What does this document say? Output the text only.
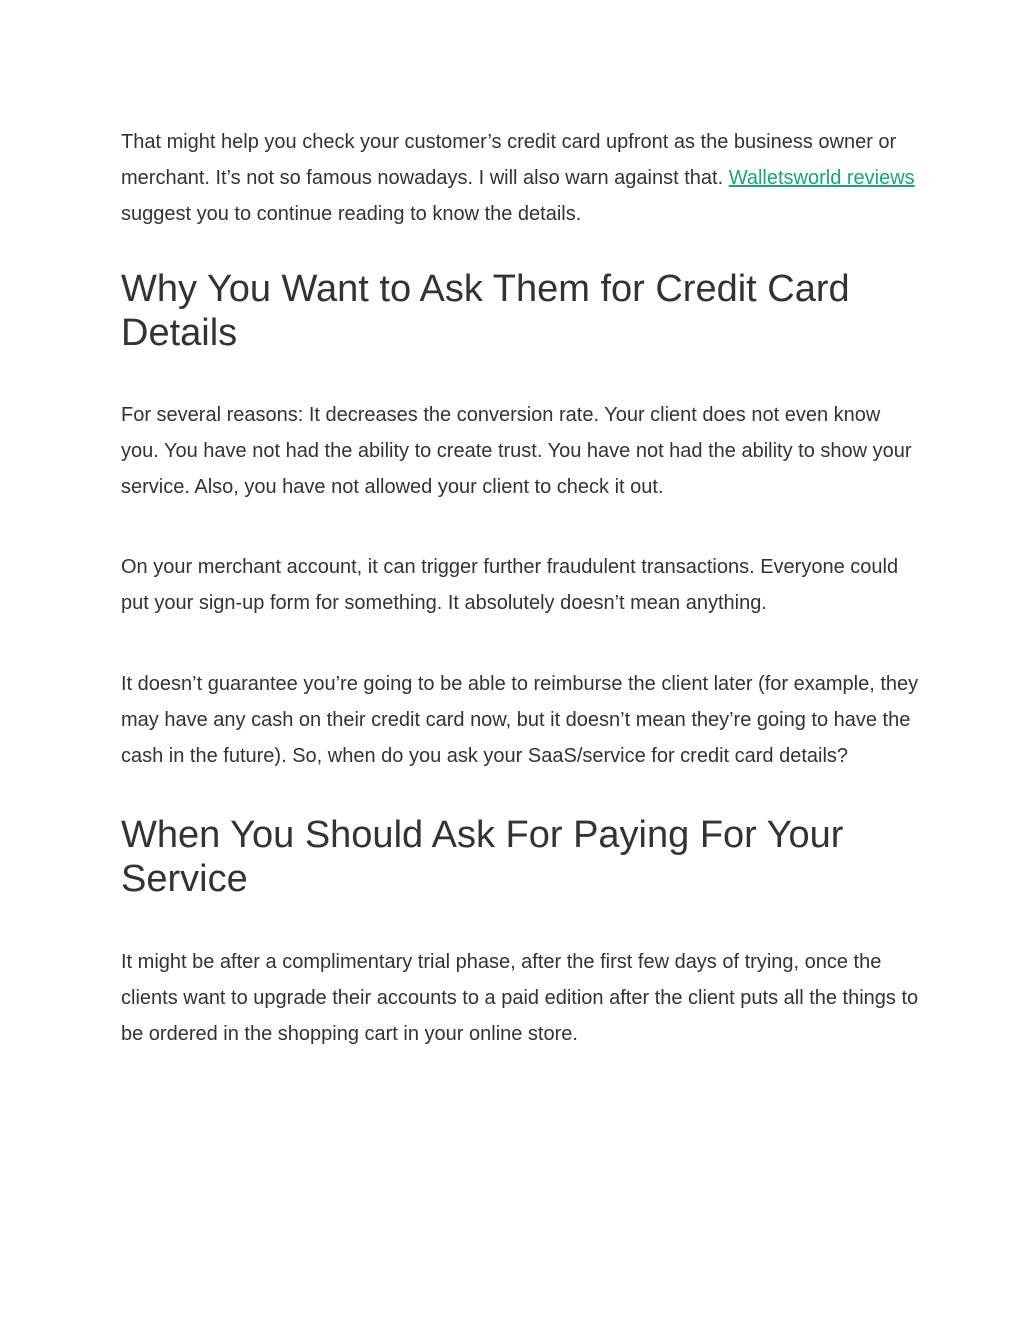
That might help you check your customer’s credit card upfront as the business owner or merchant. It’s not so famous nowadays. I will also warn against that. Walletsworld reviews suggest you to continue reading to know the details.

Why You Want to Ask Them for Credit Card Details

For several reasons: It decreases the conversion rate. Your client does not even know you. You have not had the ability to create trust. You have not had the ability to show your service. Also, you have not allowed your client to check it out.

On your merchant account, it can trigger further fraudulent transactions. Everyone could put your sign-up form for something. It absolutely doesn’t mean anything.

It doesn’t guarantee you’re going to be able to reimburse the client later (for example, they may have any cash on their credit card now, but it doesn’t mean they’re going to have the cash in the future). So, when do you ask your SaaS/service for credit card details?

When You Should Ask For Paying For Your Service

It might be after a complimentary trial phase, after the first few days of trying, once the clients want to upgrade their accounts to a paid edition after the client puts all the things to be ordered in the shopping cart in your online store.
